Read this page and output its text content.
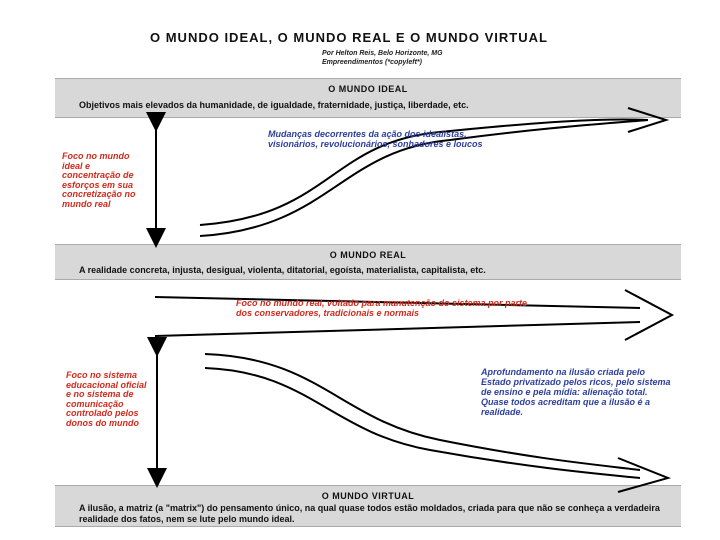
O MUNDO IDEAL, O MUNDO REAL E O MUNDO VIRTUAL
Por Helton Reis, Belo Horizonte, MG
Empreendimentos (*copyleft*)
O MUNDO IDEAL
Objetivos mais elevados da humanidade, de igualdade, fraternidade, justiça, liberdade, etc.
O MUNDO REAL
A realidade concreta, injusta, desigual, violenta, ditatorial, egoísta, materialista, capitalista, etc.
O MUNDO VIRTUAL
A ilusão, a matriz (a "matrix") do pensamento único, na qual quase todos estão moldados, criada para que não se conheça a verdadeira realidade dos fatos, nem se lute pelo mundo ideal.
Foco no mundo ideal e concentração de esforços em sua concretização no mundo real
Mudanças decorrentes da ação dos idealistas, visionários, revolucionários, sonhadores e loucos
Foco no mundo real, voltado para manutenção do sistema por parte dos conservadores, tradicionais e normais
Foco no sistema educacional oficial e no sistema de comunicação controlado pelos donos do mundo
Aprofundamento na ilusão criada pelo Estado privatizado pelos ricos, pelo sistema de ensino e pela mídia: alienação total. Quase todos acreditam que a ilusão é a realidade.
